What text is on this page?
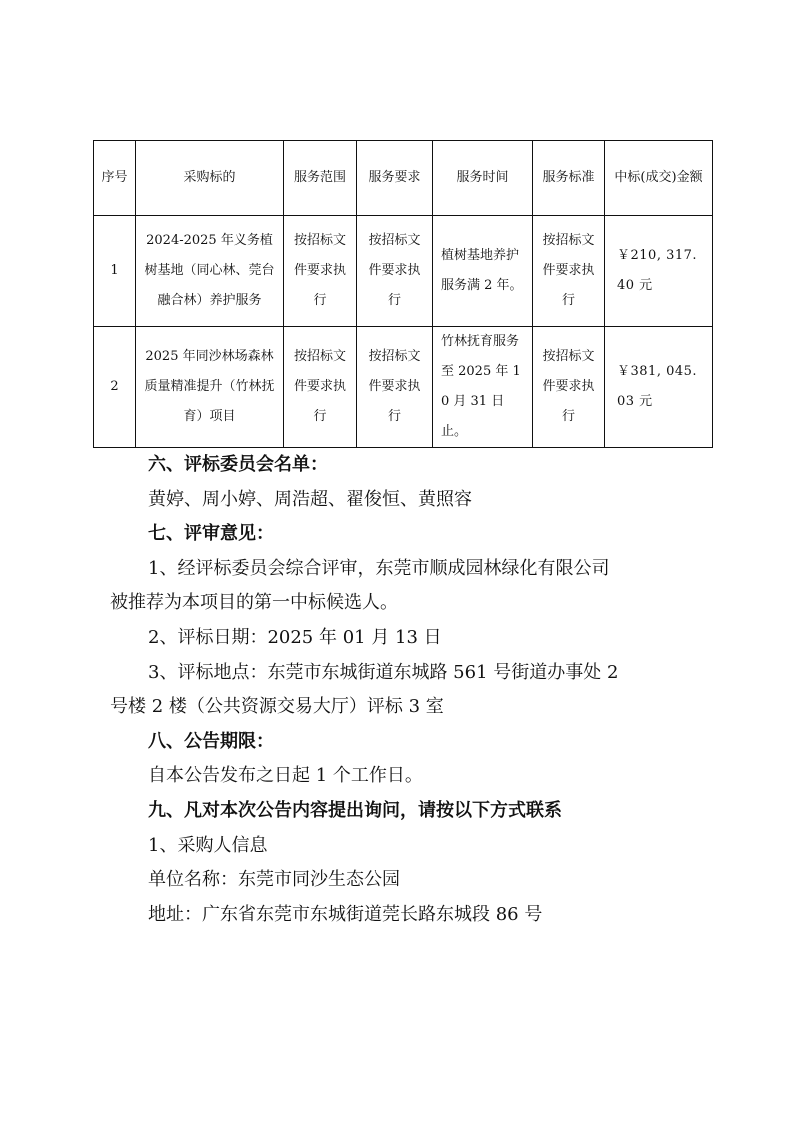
序号	采购标的	服务范围	服务要求	服务时间	服务标准	中标(成交)金额
1	2024-2025 年义务植树基地（同心林、莞台融合林）养护服务	按招标文件要求执行	按招标文件要求执行	植树基地养护服务满 2 年。	按招标文件要求执行	￥210, 317. 40 元
2	2025 年同沙林场森林质量精准提升（竹林抚育）项目	按招标文件要求执行	按招标文件要求执行	竹林抚育服务至 2025 年 10 月 31 日止。	按招标文件要求执行	￥381, 045. 03 元

六、评标委员会名单：

黄婷、周小婷、周浩超、翟俊恒、黄照容

七、评审意见：

1、经评标委员会综合评审，东莞市顺成园林绿化有限公司

被推荐为本项目的第一中标候选人。

2、评标日期：2025 年 01 月 13 日

3、评标地点：东莞市东城街道东城路 561 号街道办事处 2

号楼 2 楼（公共资源交易大厅）评标 3 室

八、公告期限：

自本公告发布之日起 1 个工作日。

九、凡对本次公告内容提出询问，请按以下方式联系

1、采购人信息

单位名称：东莞市同沙生态公园

地址：广东省东莞市东城街道莞长路东城段 86 号
